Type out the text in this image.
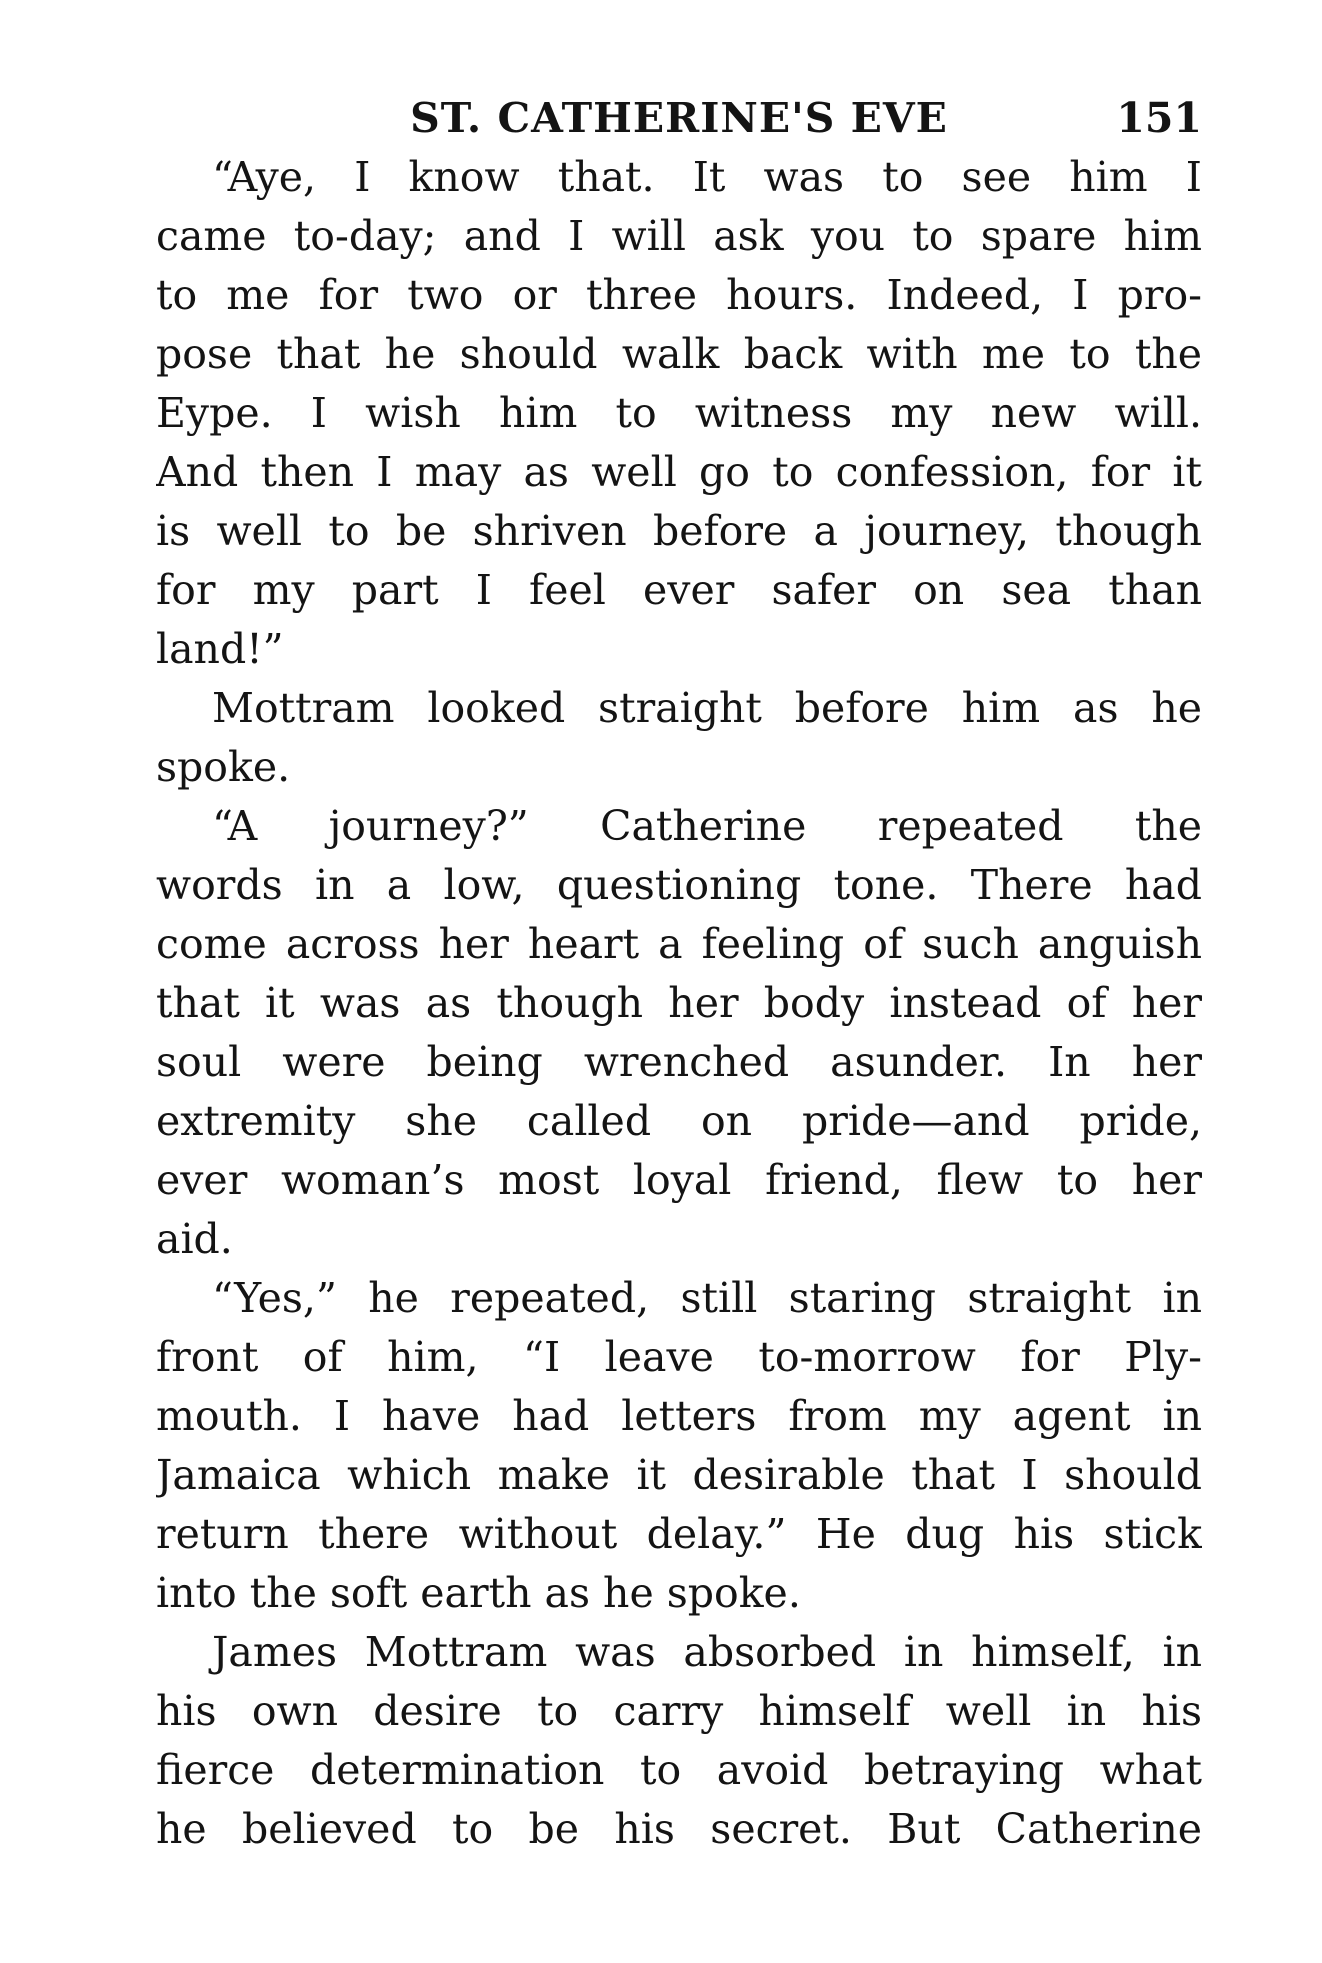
ST. CATHERINE'S EVE	151
“Aye, I know that. It was to see him I
came to-day; and I will ask you to spare him
to me for two or three hours. Indeed, I pro-
pose that he should walk back with me to the
Eype. I wish him to witness my new will.
And then I may as well go to confession, for it
is well to be shriven before a journey, though
for my part I feel ever safer on sea than
land!”
Mottram looked straight before him as he
spoke.
“A journey?” Catherine repeated the
words in a low, questioning tone. There had
come across her heart a feeling of such anguish
that it was as though her body instead of her
soul were being wrenched asunder. In her
extremity she called on pride—and pride,
ever woman’s most loyal friend, flew to her
aid.
“Yes,” he repeated, still staring straight in
front of him, “I leave to-morrow for Ply-
mouth. I have had letters from my agent in
Jamaica which make it desirable that I should
return there without delay.” He dug his stick
into the soft earth as he spoke.
James Mottram was absorbed in himself, in
his own desire to carry himself well in his
fierce determination to avoid betraying what
he believed to be his secret. But Catherine
